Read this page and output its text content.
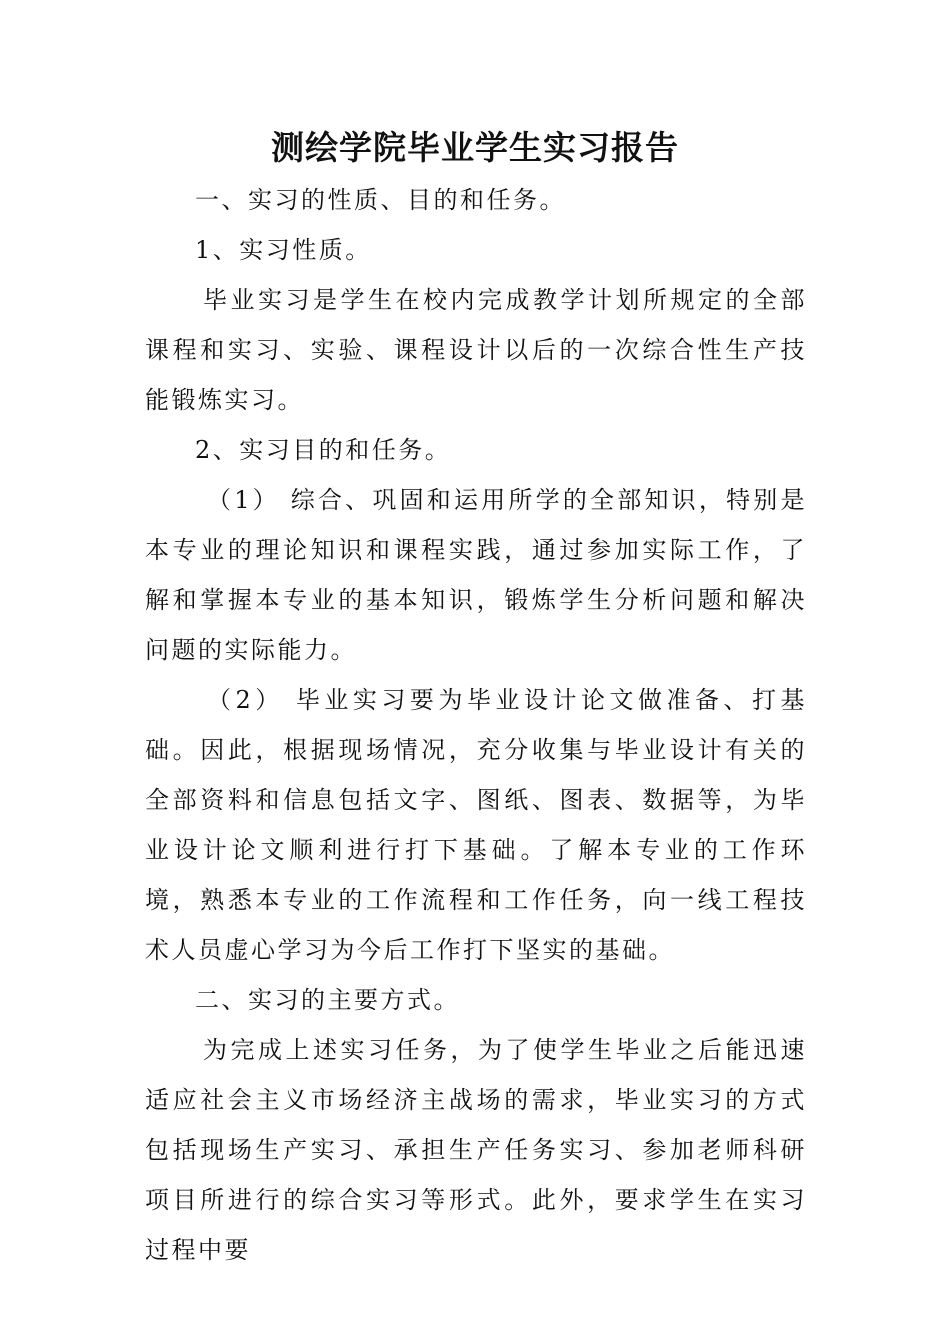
测绘学院毕业学生实习报告

一、实习的性质、目的和任务。

1、实习性质。

毕业实习是学生在校内完成教学计划所规定的全部课程和实习、实验、课程设计以后的一次综合性生产技能锻炼实习。

2、实习目的和任务。

（1） 综合、巩固和运用所学的全部知识，特别是本专业的理论知识和课程实践，通过参加实际工作，了解和掌握本专业的基本知识，锻炼学生分析问题和解决问题的实际能力。

（2） 毕业实习要为毕业设计论文做准备、打基础。因此，根据现场情况，充分收集与毕业设计有关的全部资料和信息包括文字、图纸、图表、数据等，为毕业设计论文顺利进行打下基础。了解本专业的工作环境，熟悉本专业的工作流程和工作任务，向一线工程技术人员虚心学习为今后工作打下坚实的基础。

二、实习的主要方式。

为完成上述实习任务，为了使学生毕业之后能迅速适应社会主义市场经济主战场的需求，毕业实习的方式包括现场生产实习、承担生产任务实习、参加老师科研项目所进行的综合实习等形式。此外，要求学生在实习过程中要
